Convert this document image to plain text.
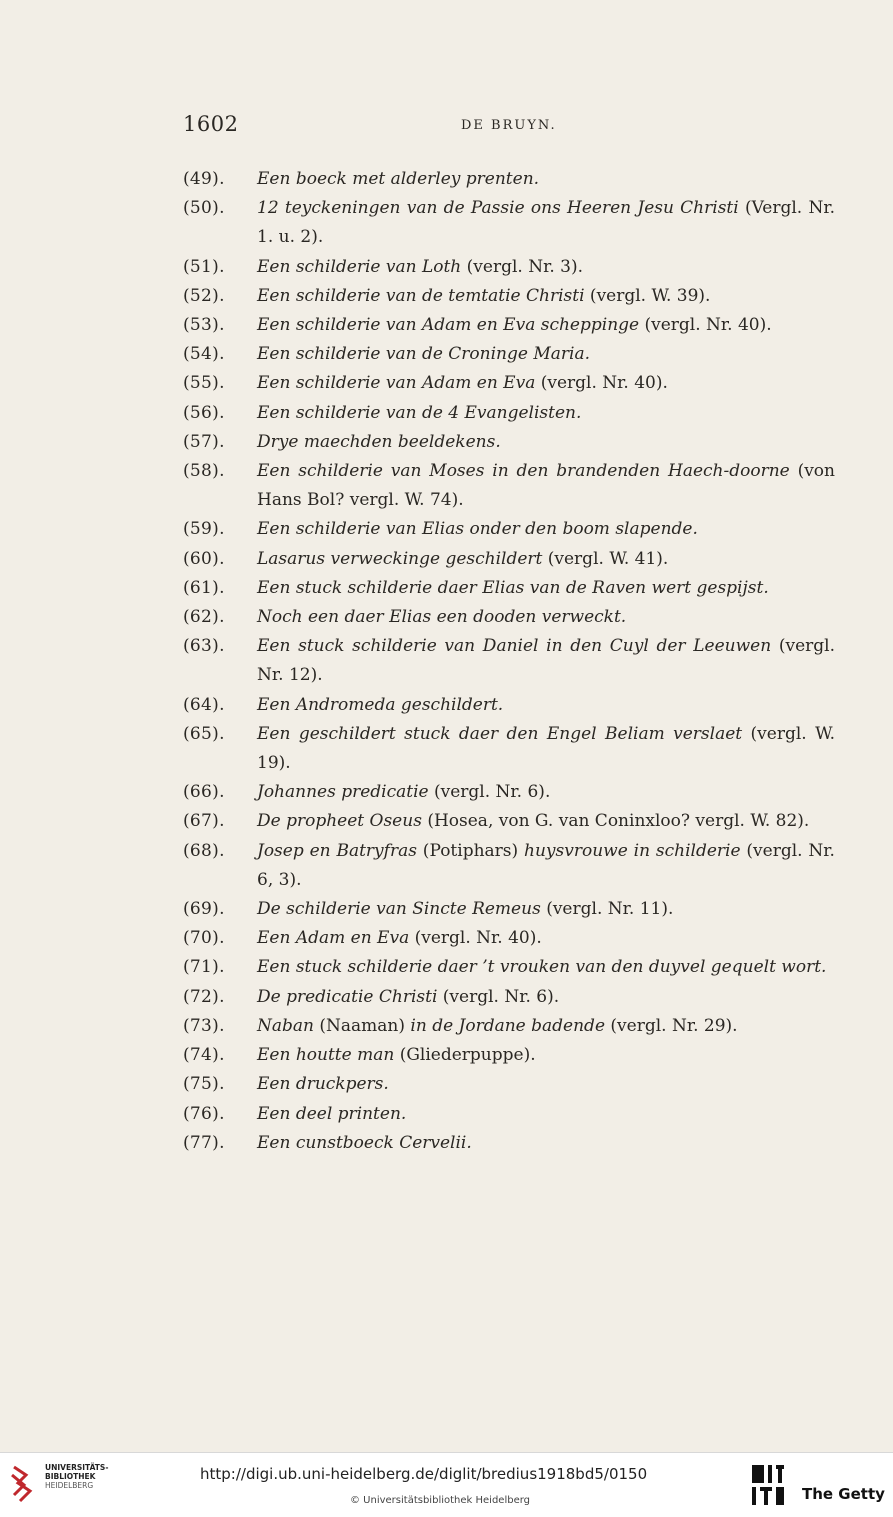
1602	DE BRUYN.

(49). Een boeck met alderley prenten.

(50). 12 teyckeningen van de Passie ons Heeren Jesu Christi (Vergl. Nr. 1. u. 2).

(51). Een schilderie van Loth (vergl. Nr. 3).

(52). Een schilderie van de temtatie Christi (vergl. W. 39).

(53). Een schilderie van Adam en Eva scheppinge (vergl. Nr. 40).

(54). Een schilderie van de Croninge Maria.

(55). Een schilderie van Adam en Eva (vergl. Nr. 40).

(56). Een schilderie van de 4 Evangelisten.

(57). Drye maechden beeldekens.

(58). Een schilderie van Moses in den brandenden Haech-doorne (von Hans Bol? vergl. W. 74).

(59). Een schilderie van Elias onder den boom slapende.

(60). Lasarus verweckinge geschildert (vergl. W. 41).

(61). Een stuck schilderie daer Elias van de Raven wert gespijst.

(62). Noch een daer Elias een dooden verweckt.

(63). Een stuck schilderie van Daniel in den Cuyl der Leeuwen (vergl. Nr. 12).

(64). Een Andromeda geschildert.

(65). Een geschildert stuck daer den Engel Beliam verslaet (vergl. W. 19).

(66). Johannes predicatie (vergl. Nr. 6).

(67). De propheet Oseus (Hosea, von G. van Coninxloo? vergl. W. 82).

(68). Josep en Batryfras (Potiphars) huysvrouwe in schilderie (vergl. Nr. 6, 3).

(69). De schilderie van Sincte Remeus (vergl. Nr. 11).

(70). Een Adam en Eva (vergl. Nr. 40).

(71). Een stuck schilderie daer ’t vrouken van den duyvel gequelt wort.

(72). De predicatie Christi (vergl. Nr. 6).

(73). Naban (Naaman) in de Jordane badende (vergl. Nr. 29).

(74). Een houtte man (Gliederpuppe).

(75). Een druckpers.

(76). Een deel printen.

(77). Een cunstboeck Cervelii.

UNIVERSITÄTS-
BIBLIOTHEK
HEIDELBERG
http://digi.ub.uni-heidelberg.de/diglit/bredius1918bd5/0150
© Universitätsbibliothek Heidelberg	The Getty
